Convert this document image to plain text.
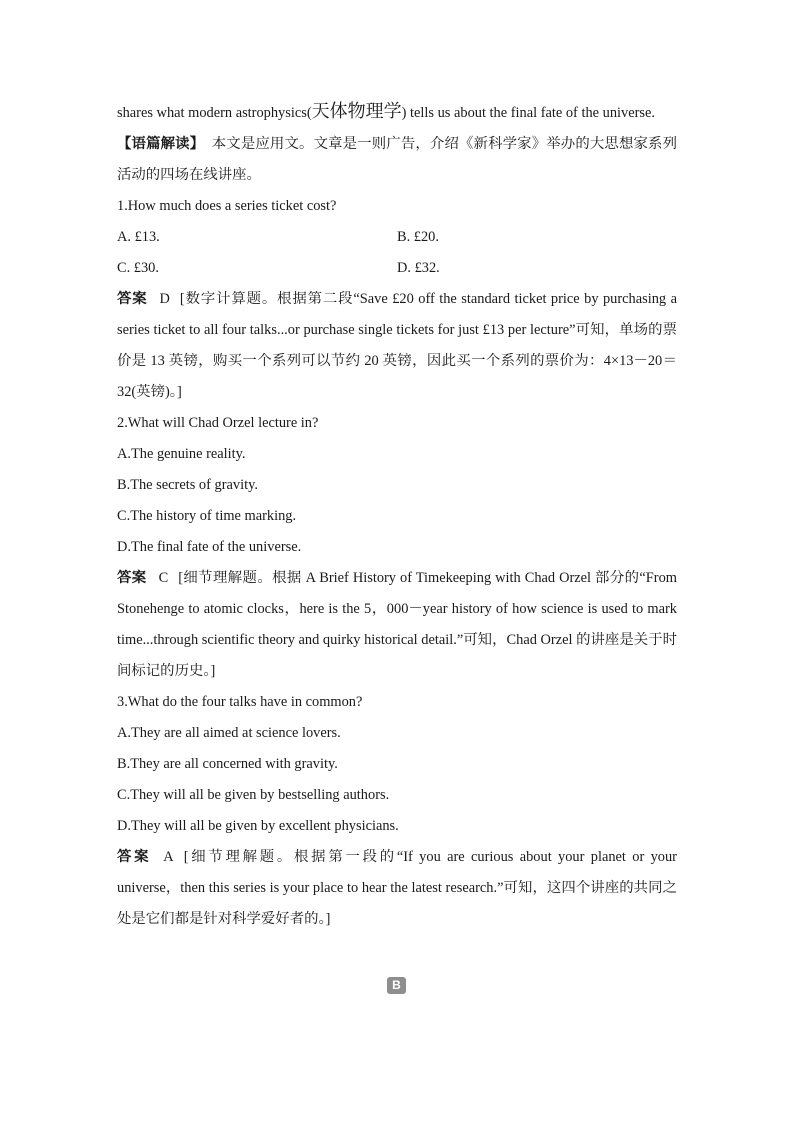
shares what modern astrophysics(天体物理学) tells us about the final fate of the universe.

【语篇解读】 本文是应用文。文章是一则广告，介绍《新科学家》举办的大思想家系列活动的四场在线讲座。

1.How much does a series ticket cost?

A. £13.	B. £20.
C. £30.	D. £32.

答案 D [数字计算题。根据第二段“Save £20 off the standard ticket price by purchasing a series ticket to all four talks...or purchase single tickets for just £13 per lecture”可知，单场的票价是 13 英镑，购买一个系列可以节约 20 英镑，因此买一个系列的票价为：4×13－20＝32(英镑)。]

2.What will Chad Orzel lecture in?

A.The genuine reality.

B.The secrets of gravity.

C.The history of time marking.

D.The final fate of the universe.

答案 C [细节理解题。根据 A Brief History of Timekeeping with Chad Orzel 部分的“From Stonehenge to atomic clocks，here is the 5，000－year history of how science is used to mark time...through scientific theory and quirky historical detail.”可知，Chad Orzel 的讲座是关于时间标记的历史。]

3.What do the four talks have in common?

A.They are all aimed at science lovers.

B.They are all concerned with gravity.

C.They will all be given by bestselling authors.

D.They will all be given by excellent physicians.

答案 A [细节理解题。根据第一段的“If you are curious about your planet or your universe，then this series is your place to hear the latest research.”可知，这四个讲座的共同之处是它们都是针对科学爱好者的。]

B
